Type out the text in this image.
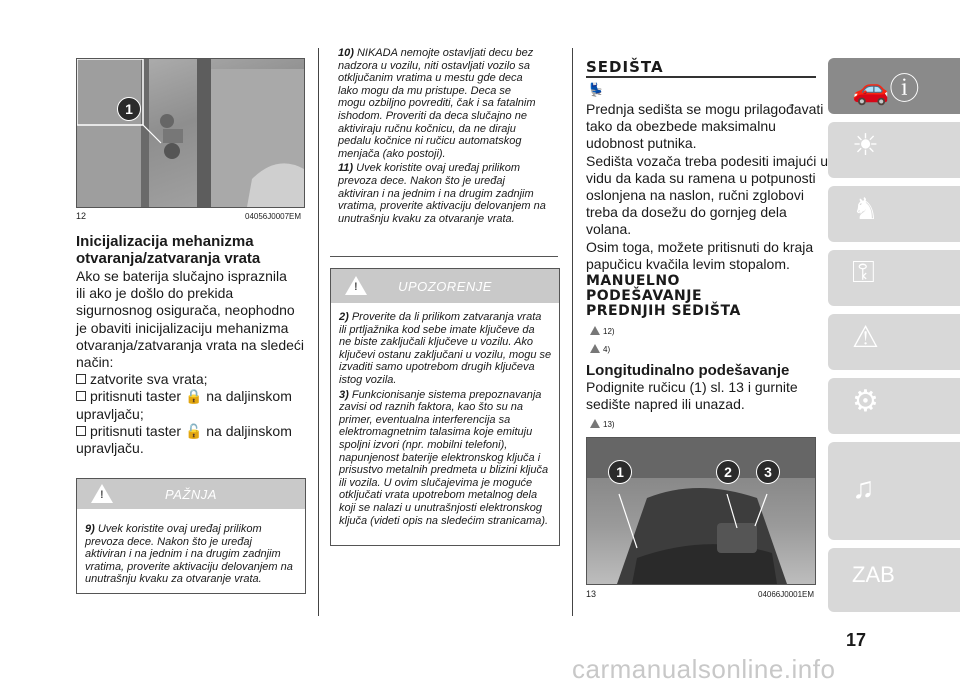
1
12	04056J0007EM
Inicijalizacija mehanizma
otvaranja/zatvaranja vrata
Ako se baterija slučajno ispraznila
ili ako je došlo do prekida
sigurnosnog osigurača, neophodno
je obaviti inicijalizaciju mehanizma
otvaranja/zatvaranja vrata na sledeći
način:
zatvorite sva vrata;
pritisnuti taster 🔒 na daljinskom
upravljaču;
pritisnuti taster 🔓 na daljinskom
upravljaču.
!	PAŽNJA
9) Uvek koristite ovaj uređaj prilikom
prevoza dece. Nakon što je uređaj
aktiviran i na jednim i na drugim zadnjim
vratima, proverite aktivaciju delovanjem na
unutrašnju kvaku za otvaranje vrata.
10) NIKADA nemojte ostavljati decu bez
nadzora u vozilu, niti ostavljati vozilo sa
otključanim vratima u mestu gde deca
lako mogu da mu pristupe. Deca se
mogu ozbiljno povrediti, čak i sa fatalnim
ishodom. Proveriti da deca slučajno ne
aktiviraju ručnu kočnicu, da ne diraju
pedalu kočnice ni ručicu automatskog
menjača (ako postoji).
11) Uvek koristite ovaj uređaj prilikom
prevoza dece. Nakon što je uređaj
aktiviran i na jednim i na drugim zadnjim
vratima, proverite aktivaciju delovanjem na
unutrašnju kvaku za otvaranje vrata.
!	UPOZORENJE
2) Proverite da li prilikom zatvaranja vrata
ili prtljažnika kod sebe imate ključeve da
ne biste zaključali ključeve u vozilu. Ako
ključevi ostanu zaključani u vozilu, mogu se
izvaditi samo upotrebom drugih ključeva
istog vozila.
3) Funkcionisanje sistema prepoznavanja
zavisi od raznih faktora, kao što su na
primer, eventualna interferencija sa
elektromagnetnim talasima koje emituju
spoljni izvori (npr. mobilni telefoni),
napunjenost baterije elektronskog ključa i
prisustvo metalnih predmeta u blizini ključa
ili vozila. U ovim slučajevima je moguće
otključati vrata upotrebom metalnog dela
koji se nalazi u unutrašnjosti elektronskog
ključa (videti opis na sledećim stranicama).
SEDIŠTA
💺
Prednja sedišta se mogu prilagođavati
tako da obezbede maksimalnu
udobnost putnika.
Sedišta vozača treba podesiti imajući u
vidu da kada su ramena u potpunosti
oslonjena na naslon, ručni zglobovi
treba da dosežu do gornjeg dela
volana.
Osim toga, možete pritisnuti do kraja
papučicu kvačila levim stopalom.
MANUELNO
PODEŠAVANJE
PREDNJIH SEDIŠTA
12)
4)
Longitudinalno podešavanje
Podignite ručicu (1) sl. 13 i gurnite
sedište napred ili unazad.
13)
1	2	3
13	04066J0001EM
🚗ⓘ
☀
♞
⚿
⚠
⚙
♫
ZAB
17
carmanualsonline.info
